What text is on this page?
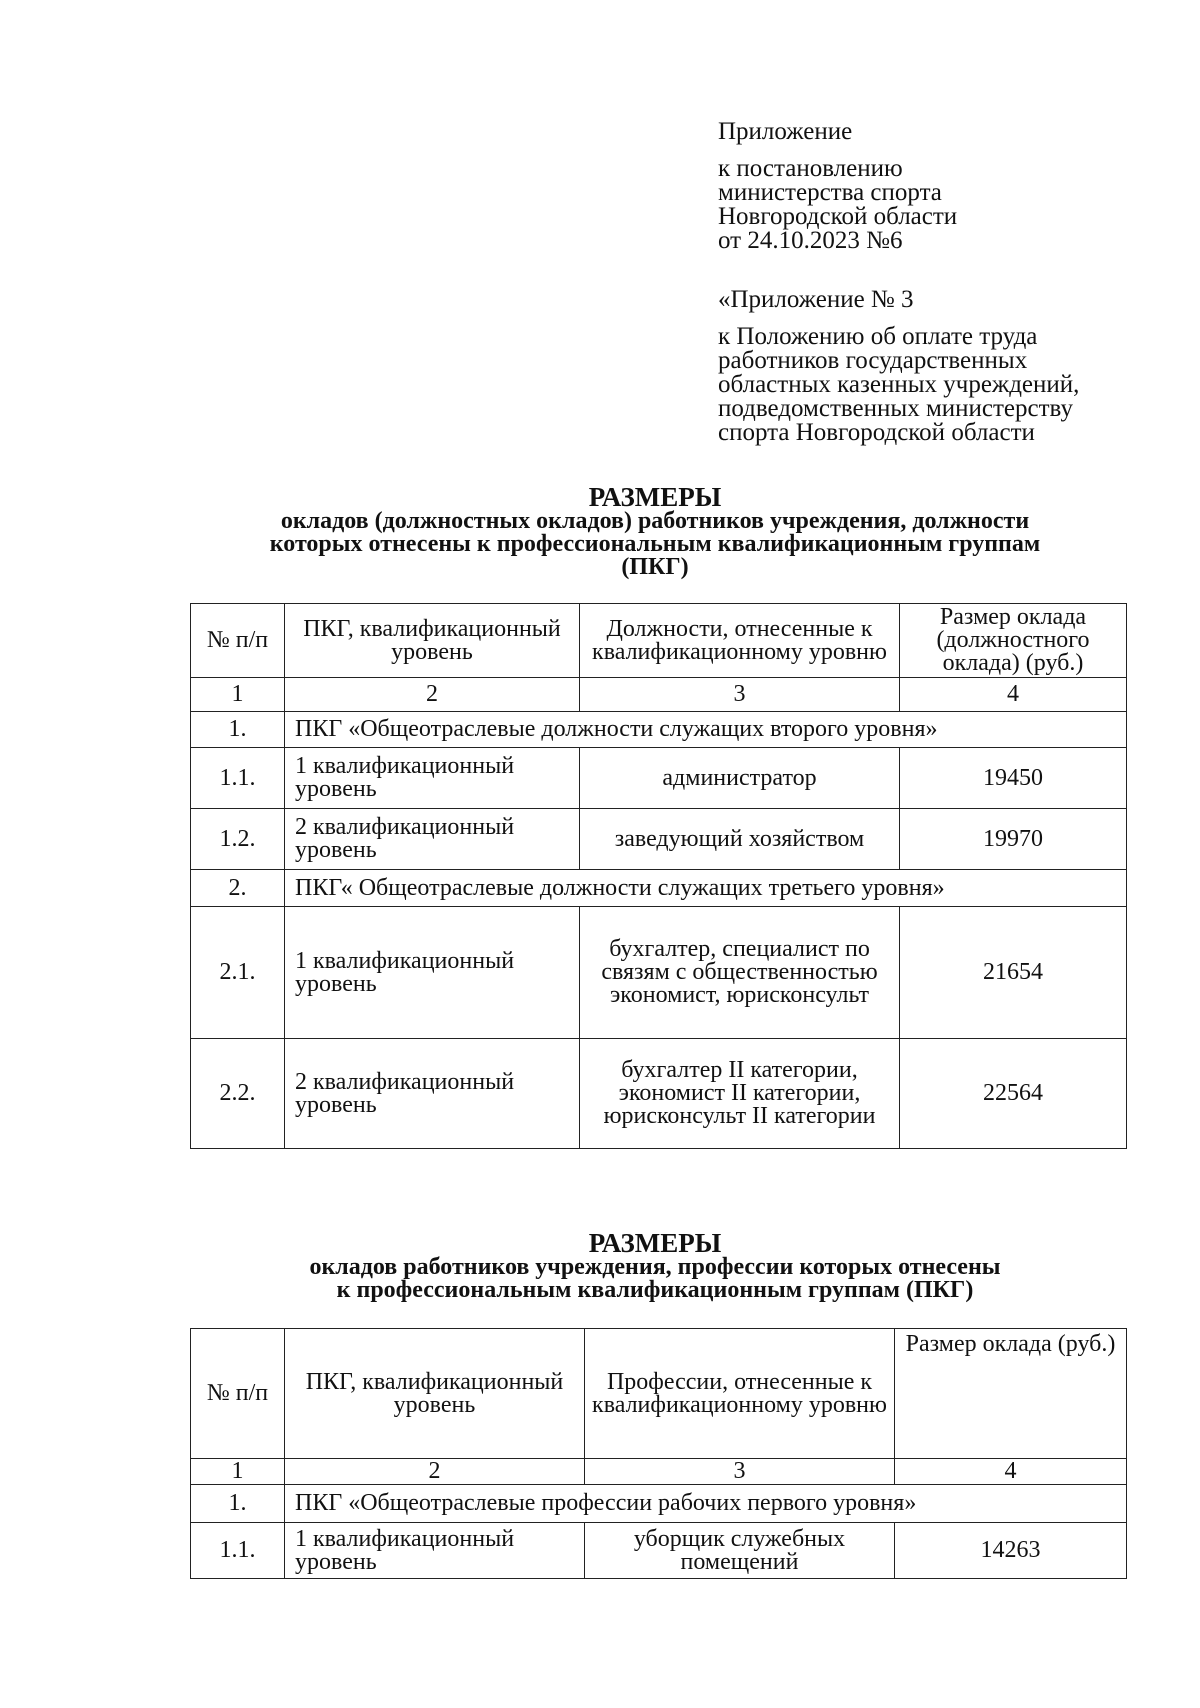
Приложение
к постановлению
министерства спорта
Новгородской области
от 24.10.2023 №6
«Приложение № 3
к Положению об оплате труда
работников государственных
областных казенных учреждений,
подведомственных министерству
спорта Новгородской области
РАЗМЕРЫ
окладов (должностных окладов) работников учреждения, должности
которых отнесены к профессиональным квалификационным группам
(ПКГ)
№ п/п	ПКГ, квалификационный уровень	Должности, отнесенные к квалификационному уровню	Размер оклада (должностного оклада) (руб.)
1	2	3	4
1.	ПКГ «Общеотраслевые должности служащих второго уровня»		
1.1.	1 квалификационный уровень	администратор	19450
1.2.	2 квалификационный уровень	заведующий хозяйством	19970
2.	ПКГ« Общеотраслевые должности служащих третьего уровня»		
2.1.	1 квалификационный уровень	бухгалтер, специалист по связям с общественностью экономист, юрисконсульт	21654
2.2.	2 квалификационный уровень	бухгалтер II категории, экономист II категории, юрисконсульт II категории	22564
РАЗМЕРЫ
окладов работников учреждения, профессии которых отнесены
к профессиональным квалификационным группам (ПКГ)
№ п/п	ПКГ, квалификационный уровень	Профессии, отнесенные к квалификационному уровню	Размер оклада (руб.)
1	2	3	4
1.	ПКГ «Общеотраслевые профессии рабочих первого уровня»		
1.1.	1 квалификационный уровень	уборщик служебных помещений	14263
